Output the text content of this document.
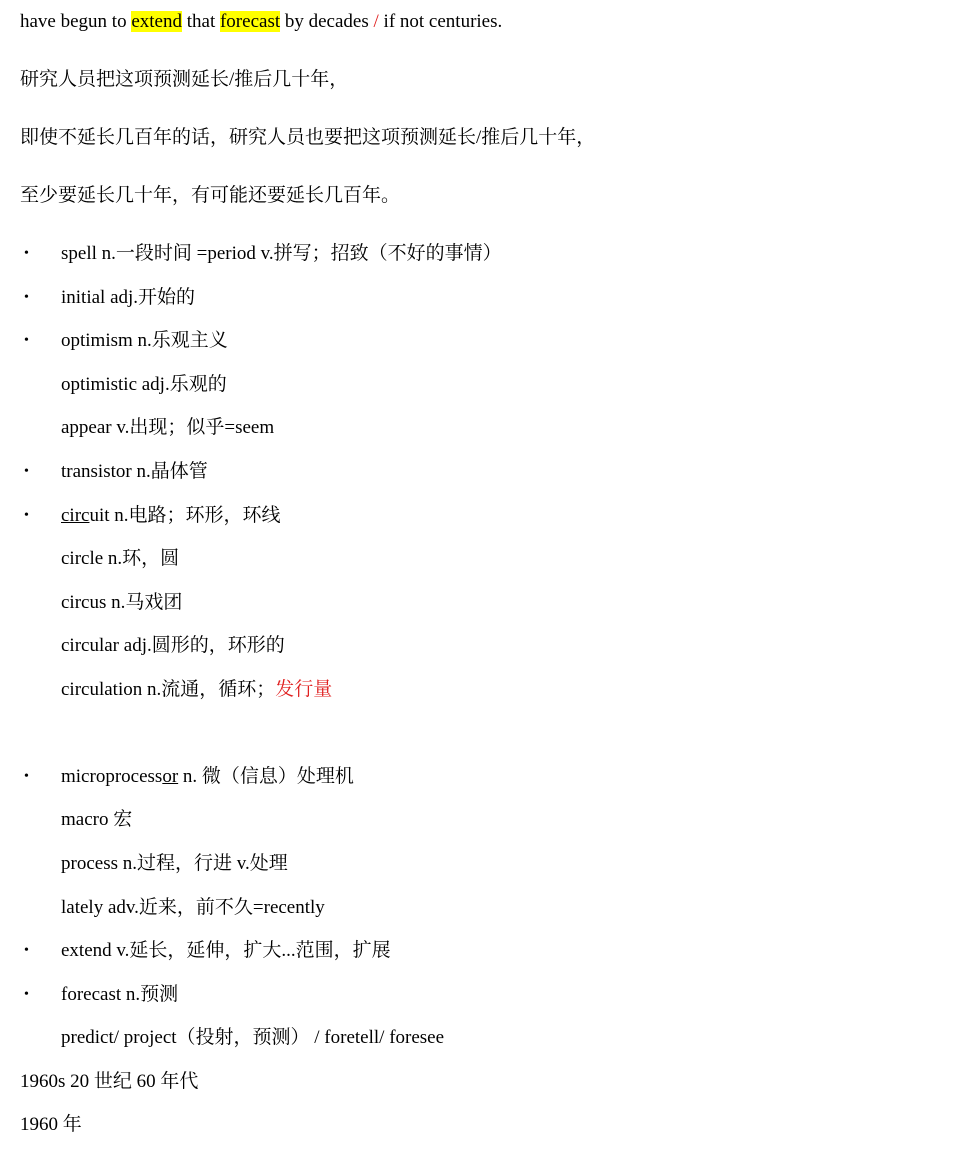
have begun to extend that forecast by decades / if not centuries.
研究人员把这项预测延长/推后几十年，
即使不延长几百年的话，研究人员也要把这项预测延长/推后几十年，
至少要延长几十年，有可能还要延长几百年。
• spell n.一段时间 =period v.拼写；招致（不好的事情）
• initial adj.开始的
• optimism n.乐观主义
optimistic adj.乐观的
appear v.出现；似乎=seem
• transistor n.晶体管
• circuit n.电路；环形，环线
circle n.环，圆
circus n.马戏团
circular adj.圆形的，环形的
circulation n.流通，循环；发行量
• microprocessor n. 微（信息）处理机
macro 宏
process n.过程，行进 v.处理
lately adv.近来，前不久=recently
• extend v.延长，延伸，扩大...范围，扩展
• forecast n.预测
predict/ project（投射，预测） / foretell/ foresee
1960s 20 世纪 60 年代
1960 年
